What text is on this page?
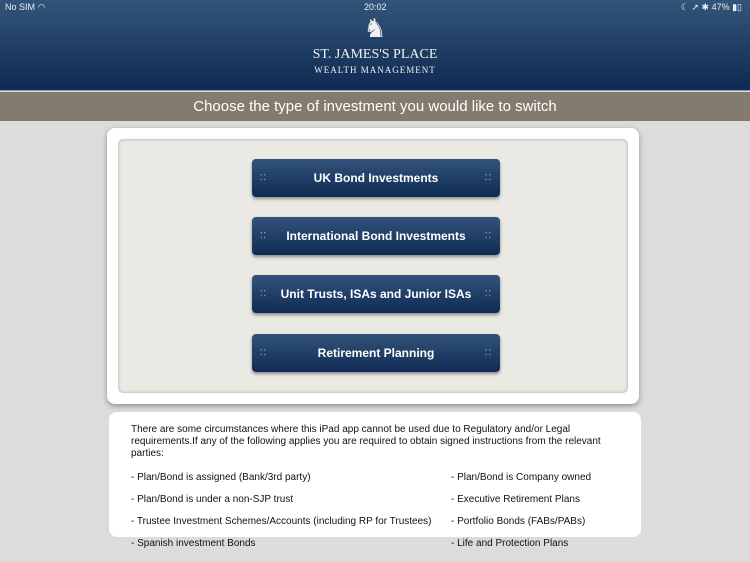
No SIM ◠	20:02	☾ ➚ ✱ 47% ▮▯
♞
ST. JAMES'S PLACE
WEALTH MANAGEMENT
Choose the type of investment you would like to switch
⁚⁚	UK Bond Investments	⁚⁚
⁚⁚ International Bond Investments ⁚⁚
⁚⁚ Unit Trusts, ISAs and Junior ISAs ⁚⁚
⁚⁚	Retirement Planning	⁚⁚
There are some circumstances where this iPad app cannot be used due to Regulatory and/or Legal requirements.If any of the following applies you are required to obtain signed instructions from the relevant parties:
- Plan/Bond is assigned (Bank/3rd party)
- Plan/Bond is under a non-SJP trust
- Trustee Investment Schemes/Accounts (including RP for Trustees)
- Spanish investment Bonds
- Plan/Bond is Company owned
- Executive Retirement Plans
- Portfolio Bonds (FABs/PABs)
- Life and Protection Plans
